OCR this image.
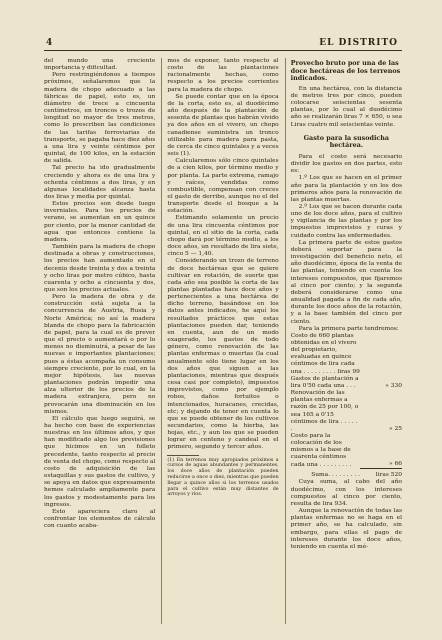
4	EL DISTRITO

del mundo una creciente importancia y dificultad.

Pero restringiéndonos a tiempos próximos, señalaremos que la madera de chopo adecuado a las fábricas de papel, esto es, un diámetro de trece a cincuenta centímetros, en troncos o trozos de longitud no mayor de tres metros, como lo prescriben las condiciones de las tarifas ferroviarias de transporte, se pagaba hace diez años a una lira y veinte céntimos por quintal, de 100 kilos, en la estación de salida.

Tal precio ha ido gradualmente creciendo y ahora es de una lira y ochenta céntimos a dos liras, y en algunas localidades alcanza hasta dos liras y media por quintal.

Estos precios son desde luego inverniales. Para los precios de verano, se aumentan en un quince por ciento, por la menor cantidad de agua que entonces contiene la madera.

También para la madera de chopo destinada a obras y construcciones, los precios han aumentado en el decenio desde treinta y dos a treinta y ocho liras por metro cúbico, hasta cuarenta y ocho a cincuenta y dos, que son los precios actuales.

Pero la madera de obra y de construcción está sujeta a la concurrencia de Austria, Rusia y Norte América; no así la madera blanda de chopo para la fabricación de papel, para la cual es de prever que el precio o aumentará o por lo menos no disminuirá, a pesar de las nuevas e importantes plantaciones; pues a éstas acompaña un consumo siempre creciente, por lo cual, en la mejor hipótesis, las nuevas plantaciones podrán impedir una alza ulterior de los precios de la madera extranjera, pero no provocarán una disminución en los mismos.

El cálculo que luego seguirá, se ha hecho con base de experiencias nuestras en los últimos años, y que han modificado algo los previsiones que hicimos en un folleto precedente, tanto respecto al precio de venta del chopo, como respecto al costo de adquisición de las estaquillas y sus gastos de cultivo, y se apoya en datos que expresamente hemos calculado ampliamente para los gastos y modestamente para los ingresos.

Esto apareciera claro al confrontar los elementos de cálculo con cuanto acaba-

mos de exponer, tanto respecto al costo de las plantaciones racionalmente hechas, como respecto a los precios corrientes para la madera de chopo.

Se puede contar que en la época de la corta, esto es, al duodécimo año después de la plantación de sesenta de plantas que habrán vivido ya dos años en el vivero, un chopo canadiense suministra un tronco utilizable para madera para pasta, de cerca de cinco quintales y a veces seis (1).

Calcularemos sólo cinco quintales de a cien kilos, por término medio y por planta. La parte extrema, ramajo y raíces, vendidas como combustible, compensan con creces el gasto de derribo, aunque no el del transporte desde el bosque a la estación.

Estimando solamente un precio de una lira cincuenta céntimos por quintal, en el sitio de la corta, cada chopo dará por término medio, a los doce años, un resultado de lira siete, cinco 5 — 1,40.

Considerando un trozo de terreno de doce hectáreas que se quiere cultivar en rotación, de suerte que cada año sea posible la corta de las plantas plantadas hace doce años y pertenecientes a una hectárea de dicho terreno, basándose en los datos antes indicados, he aquí los resultados prácticos que estas plantaciones pueden dar, teniendo en cuenta, aun de un modo exagerado, los gastos de todo género, como renovación de las plantas enfermas o muertas (la cual anualmente sólo tiene lugar en los dos años que siguen a las plantaciones, mientras que después cesa casi por completo), impuestos imprevistos, como por ejemplo robos, daños fortuitos o intencionados, huracanes, crecidas, etc; y dejando de tener en cuenta lo que se puede obtener de los cultivos secundarios, como la hierba, las hojas, etc., y aun los que se pueden lograr en centeno y candeal en el primero, segundo y tercer años.

(1) En terrenos muy apropiados próximos a cursos de aguas abundantes y permanentes, los doce años de plantación pueden reducirse a once o diez, mientras que pueden llegar a quince años si los terrenos usados para el cultivo están muy distantes de arroyos y ríos.

Provecho bruto por una de las doce hectáreas de los terrenos indicados.

En una hectárea, con la distancia de metros tres por cinco, pueden colocarse seiscientas sesenta plantas, por lo cual al duodécimo año se realizarán liras 7 × 650, o sea Liras cuatro mil seiscientas veinte.

Gasto para la susodicha hectárea.

Para el costo será necesario dividir los gastos en dos partes, esto es:

1.º Los que se hacen en el primer año para la plantación y en los dos primeros años para la renovación de las plantas muertas.

2.º Los que se hacen durante cada uno de los doce años, para el cultivo y vigilancia de las plantas y por los impuestos imprevistos y curas y cuidado contra las enfermedades.

La primera parte de estos gastos deberá soportar para la investigación del beneficio neto, el año duodécimo, época de la venta de las plantas, teniendo en cuenta los intereses compuestos, que fijaremos al cinco por ciento; y la segunda deberá considerarse como una anualidad pagada a fin de cada año, durante los doce años de la rotación, y a la base también del cinco por ciento.

Para la primera parte tendremos:

Costo de 660 plantas obtenidas en el vivero del propietario, evaluadas en quince céntimos de lira cada una . . . . . . . . . liras 99	
Gastos de plantación a lira 0'50 cada una . . .	» 330
Renovación de las plantas enfermas a razón de 25 por 100, o sea 165 a 0'15 céntimos de lira . . . . . .	» 25
Costo para la colocación de los mismos a la base de cuarenta céntimos cada una . . . . . . . . .	» 66
Suma. . . . . . . . .	liras 520

Cuya suma, al cabo del año duodécimo, con los intereses compuestos al cinco por ciento, resulta de lira 934.

Aunque la renovación de todas las plantas enfermas no se haga en el primer año, se ha calculado, sin embargo, para ellas el pago de intereses durante los doce años, teniendo en cuenta el mé-
